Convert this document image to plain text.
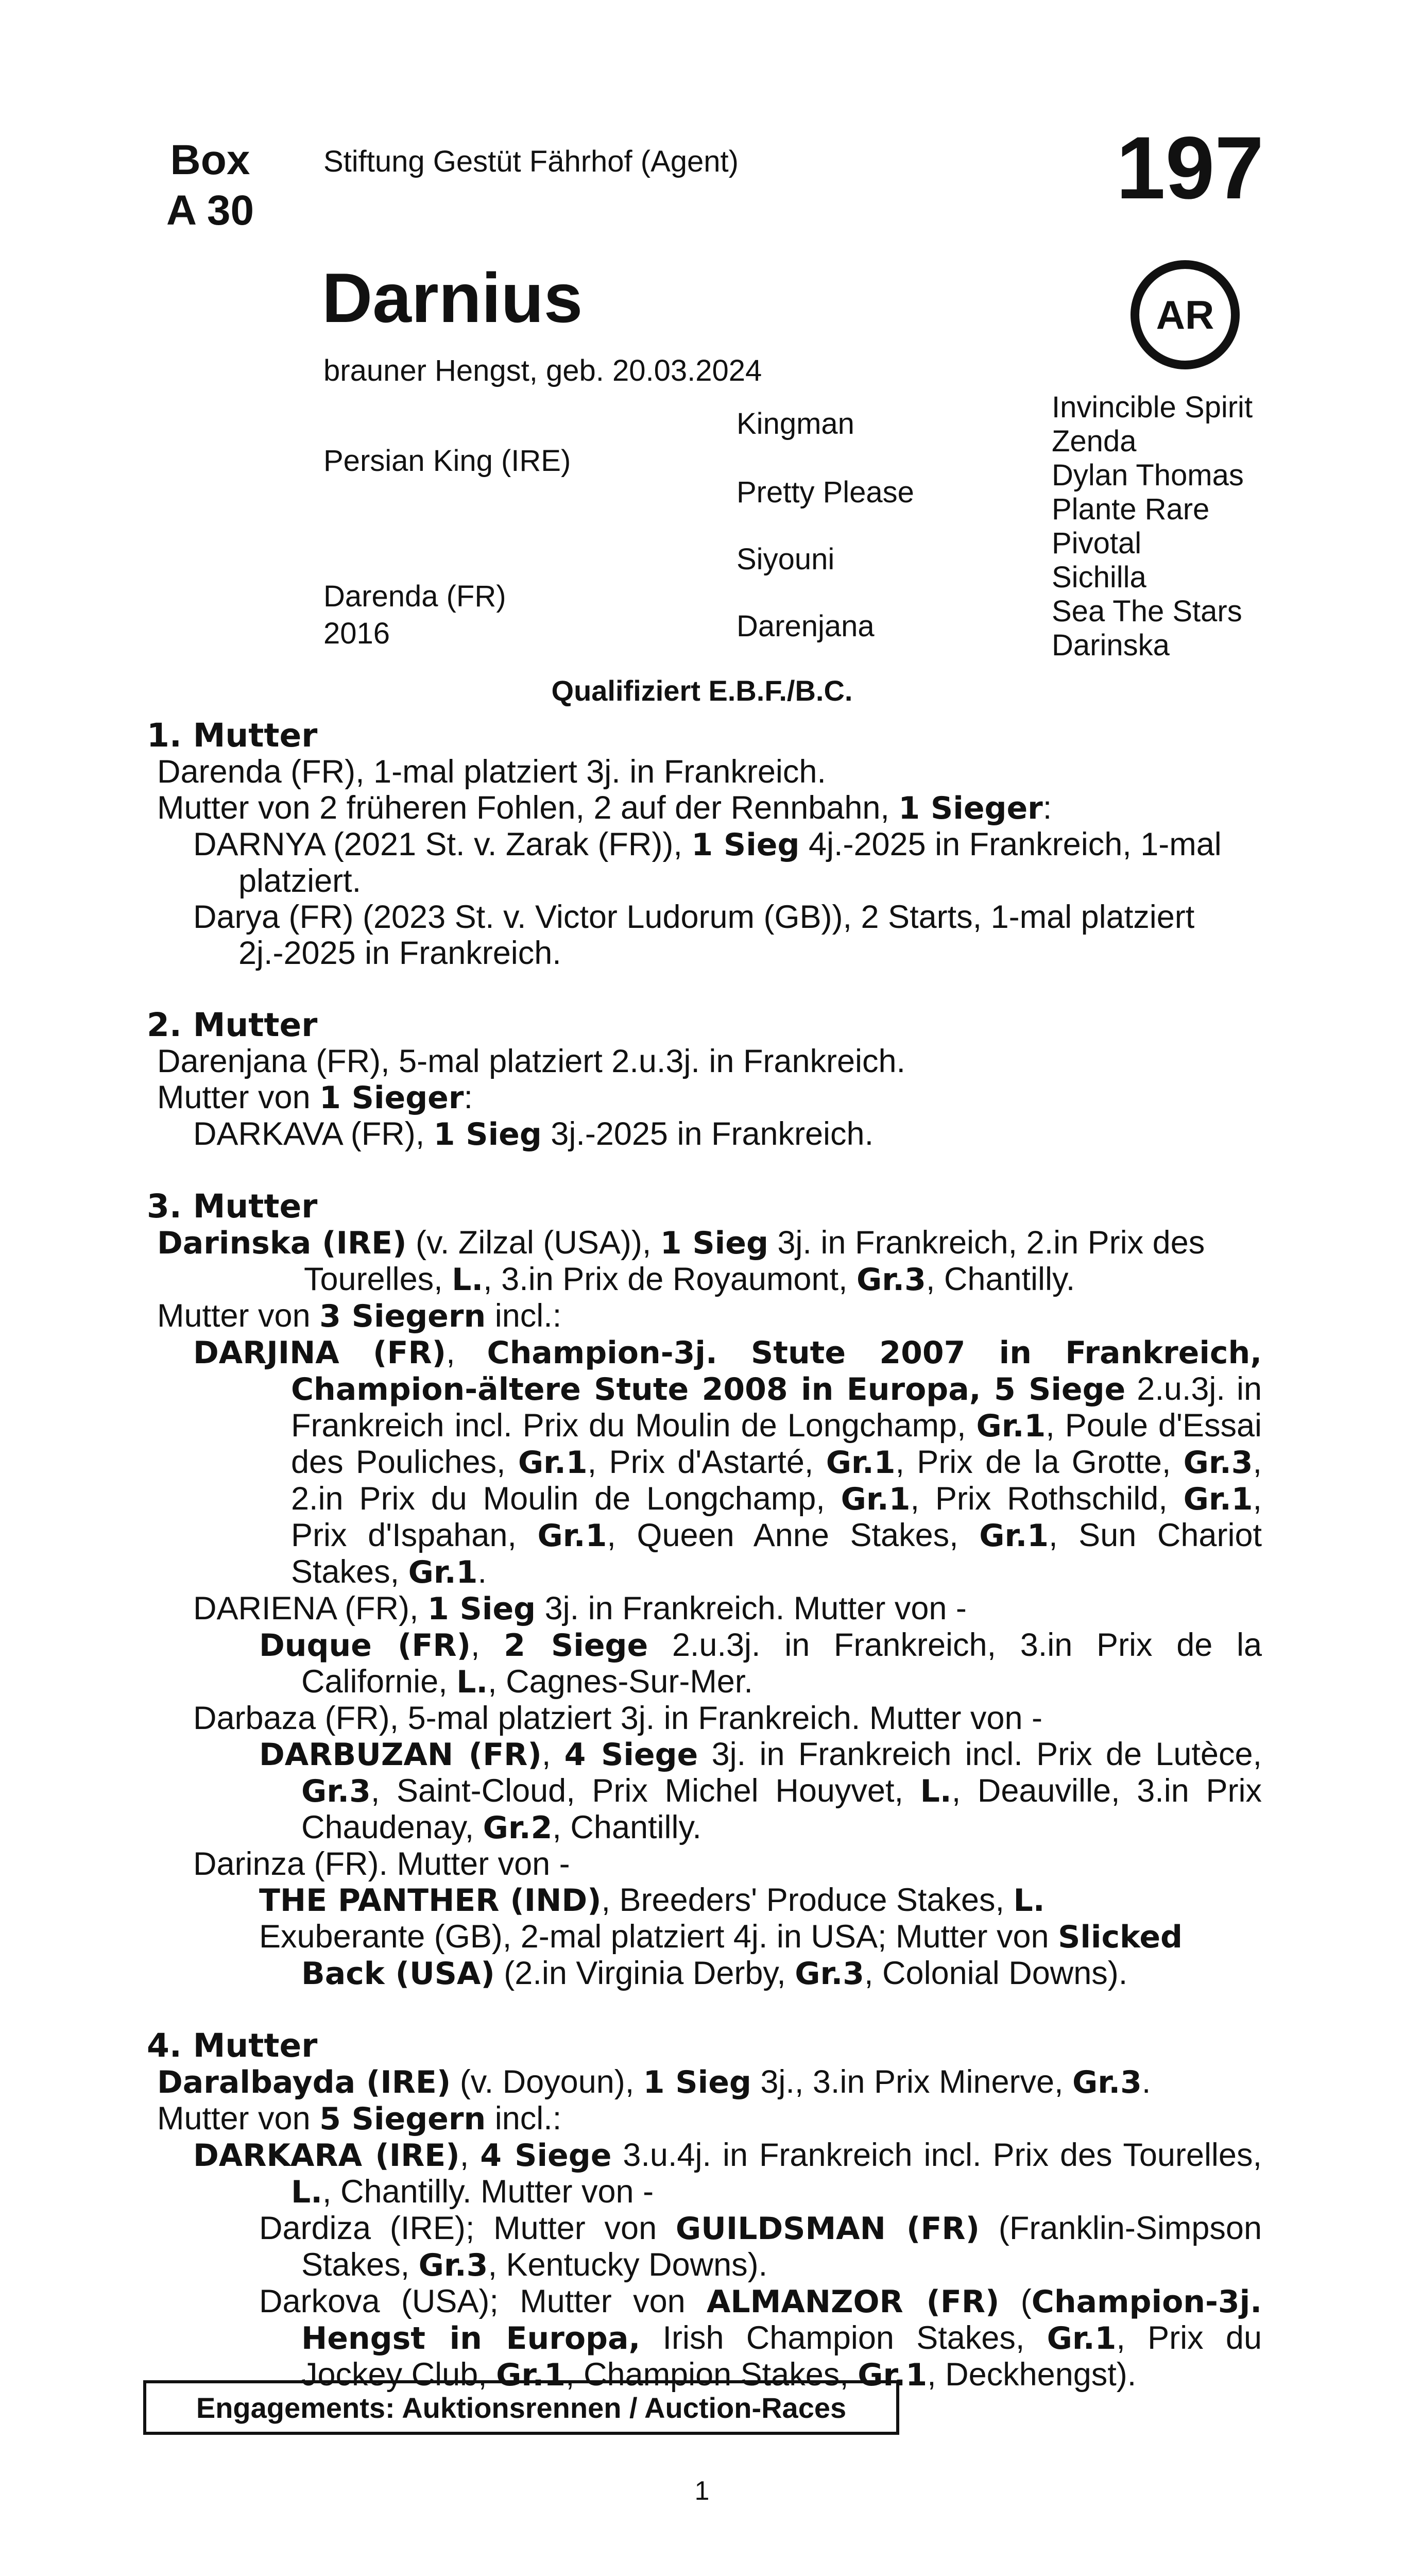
Box
A 30
Stiftung Gestüt Fährhof (Agent)	197
AR
Darnius
brauner Hengst, geb. 20.03.2024
Persian King (IRE)
Darenda (FR)
2016
Kingman
Pretty Please
Siyouni
Darenjana
Invincible Spirit
Zenda
Dylan Thomas
Plante Rare
Pivotal
Sichilla
Sea The Stars
Darinska
Qualifiziert E.B.F./B.C.
1. Mutter
Darenda (FR), 1-mal platziert 3j. in Frankreich.
Mutter von 2 früheren Fohlen, 2 auf der Rennbahn, 1 Sieger:
DARNYA (2021 St. v. Zarak (FR)), 1 Sieg 4j.-2025 in Frankreich, 1-mal platziert.
Darya (FR) (2023 St. v. Victor Ludorum (GB)), 2 Starts, 1-mal platziert 2j.-2025 in Frankreich.
2. Mutter
Darenjana (FR), 5-mal platziert 2.u.3j. in Frankreich.
Mutter von 1 Sieger:
DARKAVA (FR), 1 Sieg 3j.-2025 in Frankreich.
3. Mutter
Darinska (IRE) (v. Zilzal (USA)), 1 Sieg 3j. in Frankreich, 2.in Prix des Tourelles, L., 3.in Prix de Royaumont, Gr.3, Chantilly.
Mutter von 3 Siegern incl.:
DARJINA (FR), Champion-3j. Stute 2007 in Frankreich, Champion-ältere Stute 2008 in Europa, 5 Siege 2.u.3j. in Frankreich incl. Prix du Moulin de Longchamp, Gr.1, Poule d'Essai des Pouliches, Gr.1, Prix d'Astarté, Gr.1, Prix de la Grotte, Gr.3, 2.in Prix du Moulin de Longchamp, Gr.1, Prix Rothschild, Gr.1, Prix d'Ispahan, Gr.1, Queen Anne Stakes, Gr.1, Sun Chariot Stakes, Gr.1.
DARIENA (FR), 1 Sieg 3j. in Frankreich. Mutter von -
Duque (FR), 2 Siege 2.u.3j. in Frankreich, 3.in Prix de la Californie, L., Cagnes-Sur-Mer.
Darbaza (FR), 5-mal platziert 3j. in Frankreich. Mutter von -
DARBUZAN (FR), 4 Siege 3j. in Frankreich incl. Prix de Lutèce, Gr.3, Saint-Cloud, Prix Michel Houyvet, L., Deauville, 3.in Prix Chaudenay, Gr.2, Chantilly.
Darinza (FR). Mutter von -
THE PANTHER (IND), Breeders' Produce Stakes, L.
Exuberante (GB), 2-mal platziert 4j. in USA; Mutter von Slicked Back (USA) (2.in Virginia Derby, Gr.3, Colonial Downs).
4. Mutter
Daralbayda (IRE) (v. Doyoun), 1 Sieg 3j., 3.in Prix Minerve, Gr.3.
Mutter von 5 Siegern incl.:
DARKARA (IRE), 4 Siege 3.u.4j. in Frankreich incl. Prix des Tourelles, L., Chantilly. Mutter von -
Dardiza (IRE); Mutter von GUILDSMAN (FR) (Franklin-Simpson Stakes, Gr.3, Kentucky Downs).
Darkova (USA); Mutter von ALMANZOR (FR) (Champion-3j. Hengst in Europa, Irish Champion Stakes, Gr.1, Prix du Jockey Club, Gr.1, Champion Stakes, Gr.1, Deckhengst).
Engagements: Auktionsrennen / Auction-Races
1
